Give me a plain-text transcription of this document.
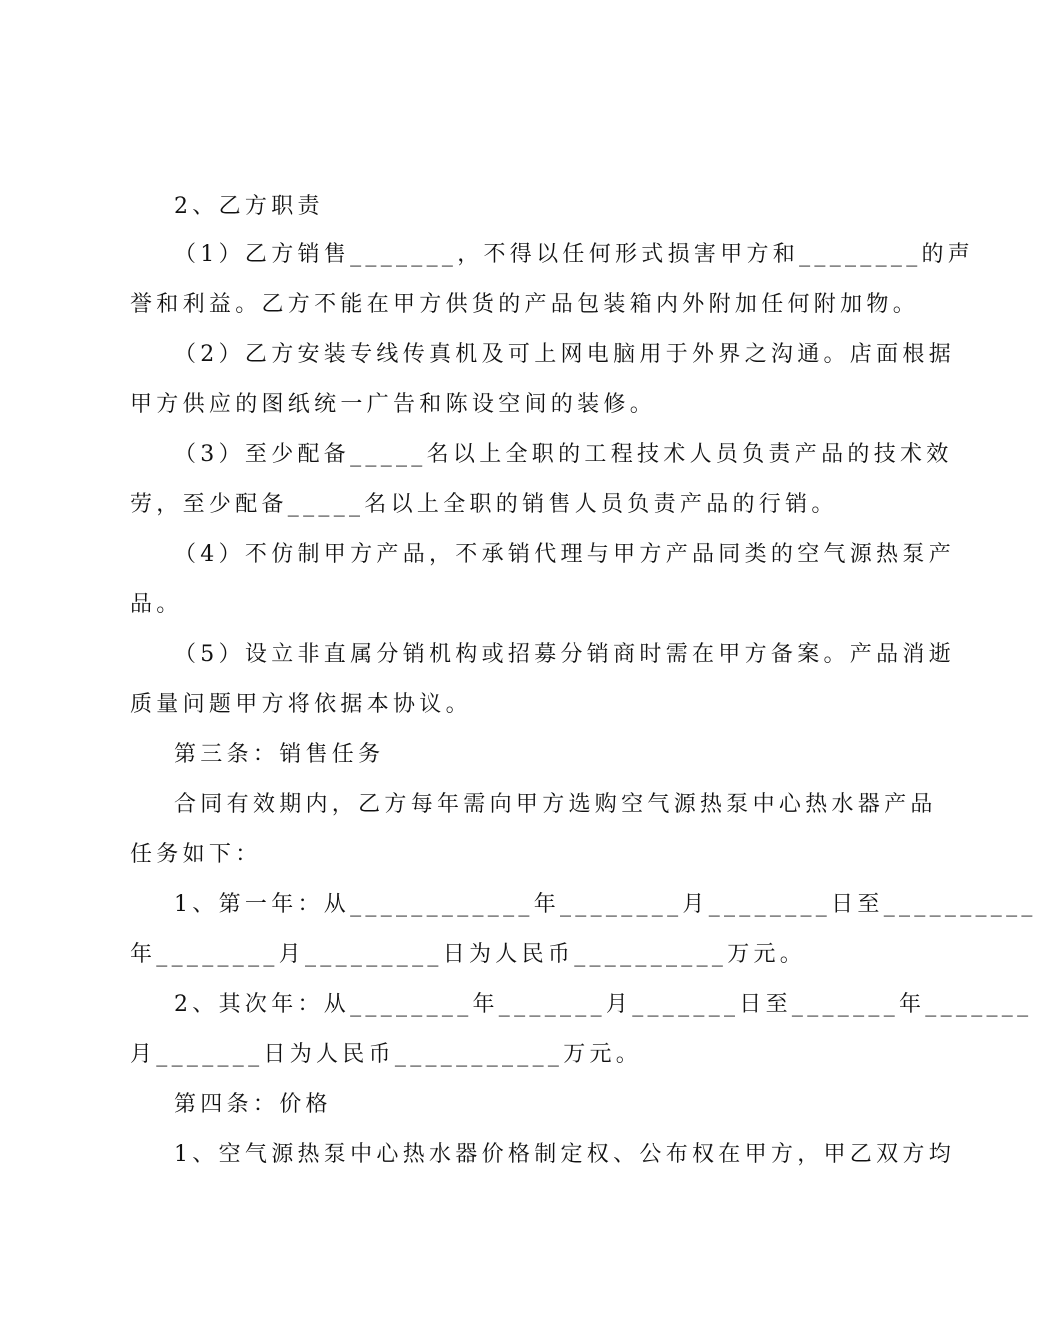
2、乙方职责
（1）乙方销售_______，不得以任何形式损害甲方和________的声
誉和利益。乙方不能在甲方供货的产品包装箱内外附加任何附加物。
（2）乙方安装专线传真机及可上网电脑用于外界之沟通。店面根据
甲方供应的图纸统一广告和陈设空间的装修。
（3）至少配备_____名以上全职的工程技术人员负责产品的技术效
劳，至少配备_____名以上全职的销售人员负责产品的行销。
（4）不仿制甲方产品，不承销代理与甲方产品同类的空气源热泵产
品。
（5）设立非直属分销机构或招募分销商时需在甲方备案。产品消逝
质量问题甲方将依据本协议。
第三条：销售任务
合同有效期内，乙方每年需向甲方选购空气源热泵中心热水器产品
任务如下：
1、第一年：从____________年________月________日至__________
年________月_________日为人民币__________万元。
2、其次年：从________年_______月_______日至_______年_______
月_______日为人民币___________万元。
第四条：价格
1、空气源热泵中心热水器价格制定权、公布权在甲方，甲乙双方均
